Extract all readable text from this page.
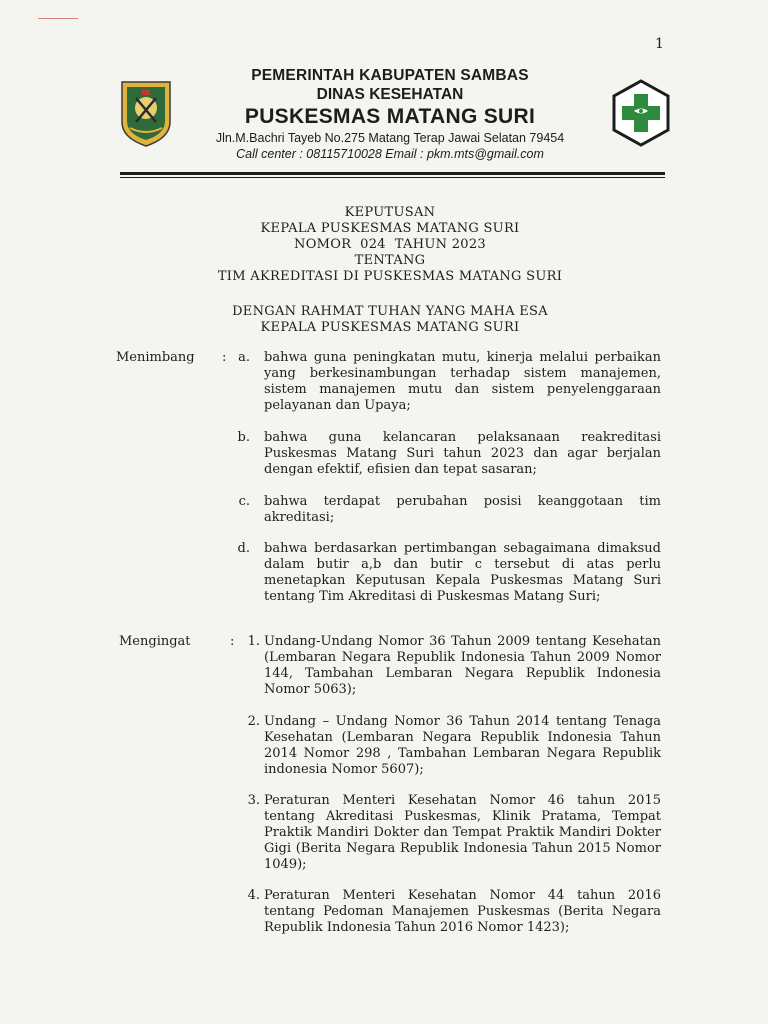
1
PEMERINTAH KABUPATEN SAMBAS
DINAS KESEHATAN
PUSKESMAS MATANG SURI
Jln.M.Bachri Tayeb No.275 Matang Terap Jawai Selatan 79454
Call center : 08115710028 Email : pkm.mts@gmail.com
KEPUTUSAN
KEPALA PUSKESMAS MATANG SURI
NOMOR  024  TAHUN 2023
TENTANG
TIM AKREDITASI DI PUSKESMAS MATANG SURI
DENGAN RAHMAT TUHAN YANG MAHA ESA
KEPALA PUSKESMAS MATANG SURI
Menimbang : a. bahwa guna peningkatan mutu, kinerja melalui perbaikan yang berkesinambungan terhadap sistem manajemen, sistem manajemen mutu dan sistem penyelenggaraan pelayanan dan Upaya;
b. bahwa guna kelancaran pelaksanaan reakreditasi Puskesmas Matang Suri tahun 2023 dan agar berjalan dengan efektif, efisien dan tepat sasaran;
c. bahwa terdapat perubahan posisi keanggotaan tim akreditasi;
d. bahwa berdasarkan pertimbangan sebagaimana dimaksud dalam butir a,b dan butir c tersebut di atas perlu menetapkan Keputusan Kepala Puskesmas Matang Suri tentang Tim Akreditasi di Puskesmas Matang Suri;
Mengingat	:	1. Undang-Undang Nomor 36 Tahun 2009 tentang Kesehatan (Lembaran Negara Republik Indonesia Tahun 2009 Nomor 144, Tambahan Lembaran Negara Republik Indonesia Nomor 5063);
2. Undang – Undang Nomor 36 Tahun 2014 tentang Tenaga Kesehatan (Lembaran Negara Republik Indonesia Tahun 2014 Nomor 298 , Tambahan Lembaran Negara Republik indonesia Nomor 5607);
3. Peraturan Menteri Kesehatan Nomor 46 tahun 2015 tentang Akreditasi Puskesmas, Klinik Pratama, Tempat Praktik Mandiri Dokter dan Tempat Praktik Mandiri Dokter Gigi (Berita Negara Republik Indonesia Tahun 2015 Nomor 1049);
4. Peraturan Menteri Kesehatan Nomor 44 tahun 2016 tentang Pedoman Manajemen Puskesmas (Berita Negara Republik Indonesia Tahun 2016 Nomor 1423);
